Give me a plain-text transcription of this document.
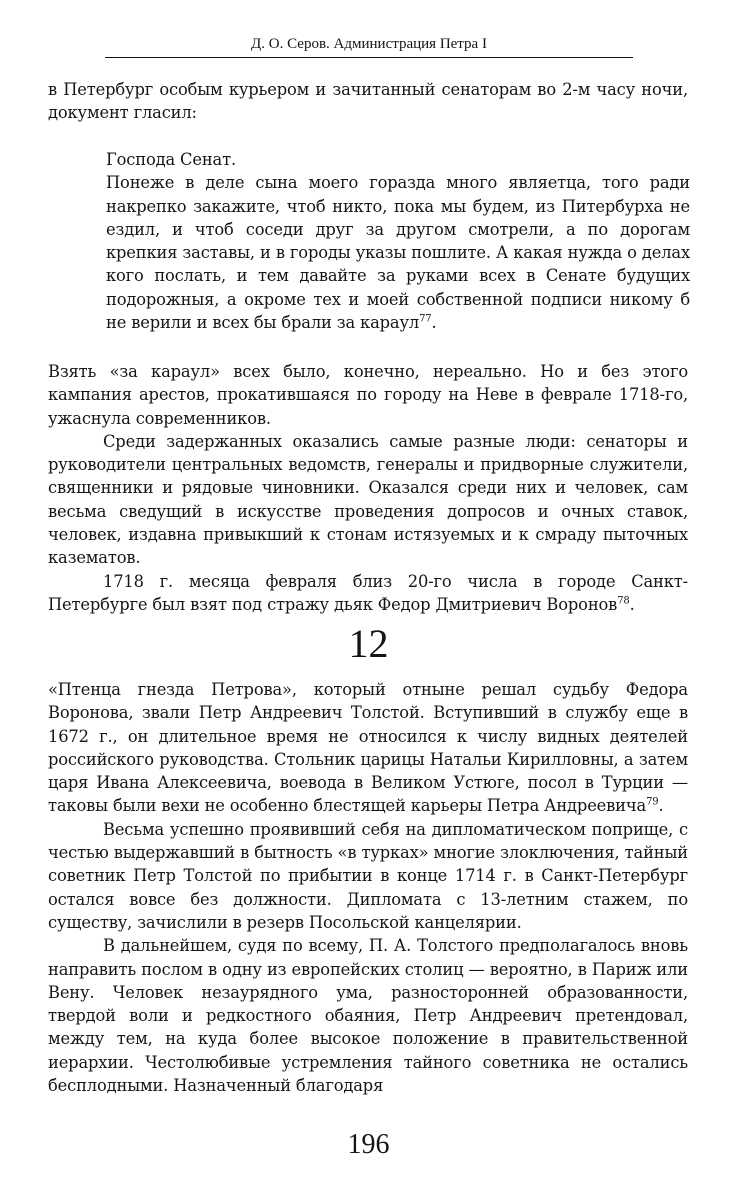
Д. О. Серов. Администрация Петра I

в Петербург особым курьером и зачитанный сенаторам во 2-м часу ночи, документ гласил:

Господа Сенат.

Понеже в деле сына моего горазда много являетца, того ради накрепко закажите, чтоб никто, пока мы будем, из Питербурха не ездил, и чтоб соседи друг за другом смотрели, а по дорогам крепкия заставы, и в городы указы пошлите. А какая нужда о делах кого послать, и тем давайте за руками всех в Сенате будущих подорожныя, а окроме тех и моей собственной подписи никому б не верили и всех бы брали за караул$^{77}$.

Взять «за караул» всех было, конечно, нереально. Но и без этого кампания арестов, прокатившаяся по городу на Неве в феврале 1718-го, ужаснула современников.

Среди задержанных оказались самые разные люди: сенаторы и руководители центральных ведомств, генералы и придворные служители, священники и рядовые чиновники. Оказался среди них и человек, сам весьма сведущий в искусстве проведения допросов и очных ставок, человек, издавна привыкший к стонам истязуемых и к смраду пыточных казематов.

1718 г. месяца февраля близ 20-го числа в городе Санкт-Петербурге был взят под стражу дьяк Федор Дмитриевич Воронов$^{78}$.

12

«Птенца гнезда Петрова», который отныне решал судьбу Федора Воронова, звали Петр Андреевич Толстой. Вступивший в службу еще в 1672 г., он длительное время не относился к числу видных деятелей российского руководства. Стольник царицы Натальи Кирилловны, а затем царя Ивана Алексеевича, воевода в Великом Устюге, посол в Турции — таковы были вехи не особенно блестящей карьеры Петра Андреевича$^{79}$.

Весьма успешно проявивший себя на дипломатическом поприще, с честью выдержавший в бытность «в турках» многие злоключения, тайный советник Петр Толстой по прибытии в конце 1714 г. в Санкт-Петербург остался вовсе без должности. Дипломата с 13-летним стажем, по существу, зачислили в резерв Посольской канцелярии.

В дальнейшем, судя по всему, П. А. Толстого предполагалось вновь направить послом в одну из европейских столиц — вероятно, в Париж или Вену. Человек незаурядного ума, разносторонней образованности, твердой воли и редкостного обаяния, Петр Андреевич претендовал, между тем, на куда более высокое положение в правительственной иерархии. Честолюбивые устремления тайного советника не остались бесплодными. Назначенный благодаря

196
